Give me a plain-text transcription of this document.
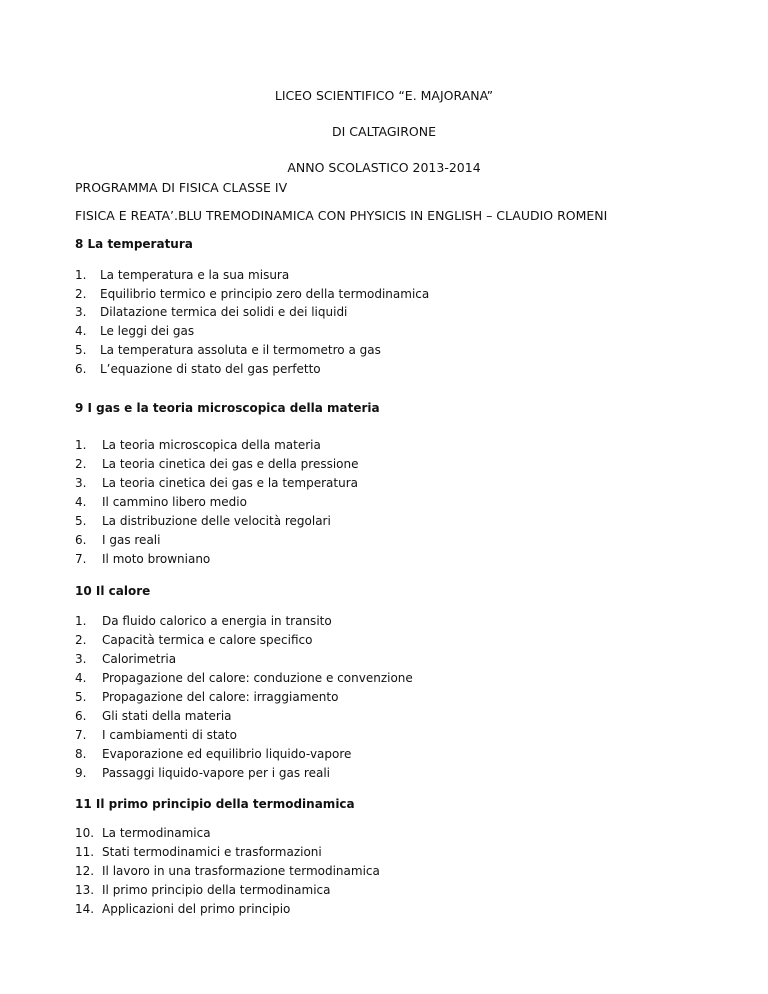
LICEO SCIENTIFICO “E. MAJORANA”
DI CALTAGIRONE
ANNO SCOLASTICO 2013-2014
PROGRAMMA DI FISICA CLASSE IV
FISICA E REATA’.BLU TREMODINAMICA CON PHYSICIS IN ENGLISH – CLAUDIO ROMENI
8 La temperatura
1. La temperatura e la sua misura
2. Equilibrio termico e principio zero della termodinamica
3. Dilatazione termica dei solidi e dei liquidi
4. Le leggi dei gas
5. La temperatura assoluta e il termometro a gas
6. L’equazione di stato del gas perfetto
9 I gas e la teoria microscopica della materia
1. La teoria microscopica della materia
2. La teoria cinetica dei gas e della pressione
3. La teoria cinetica dei gas e la temperatura
4. Il cammino libero medio
5. La distribuzione delle velocità regolari
6. I gas reali
7. Il moto browniano
10 Il calore
1. Da fluido calorico a energia in transito
2. Capacità termica e calore specifico
3. Calorimetria
4. Propagazione del calore: conduzione e convenzione
5. Propagazione del calore: irraggiamento
6. Gli stati della materia
7. I cambiamenti di stato
8. Evaporazione ed equilibrio liquido-vapore
9. Passaggi liquido-vapore per i gas reali
11 Il primo principio della termodinamica
10. La termodinamica
11. Stati termodinamici e trasformazioni
12. Il lavoro in una trasformazione termodinamica
13. Il primo principio della termodinamica
14. Applicazioni del primo principio
